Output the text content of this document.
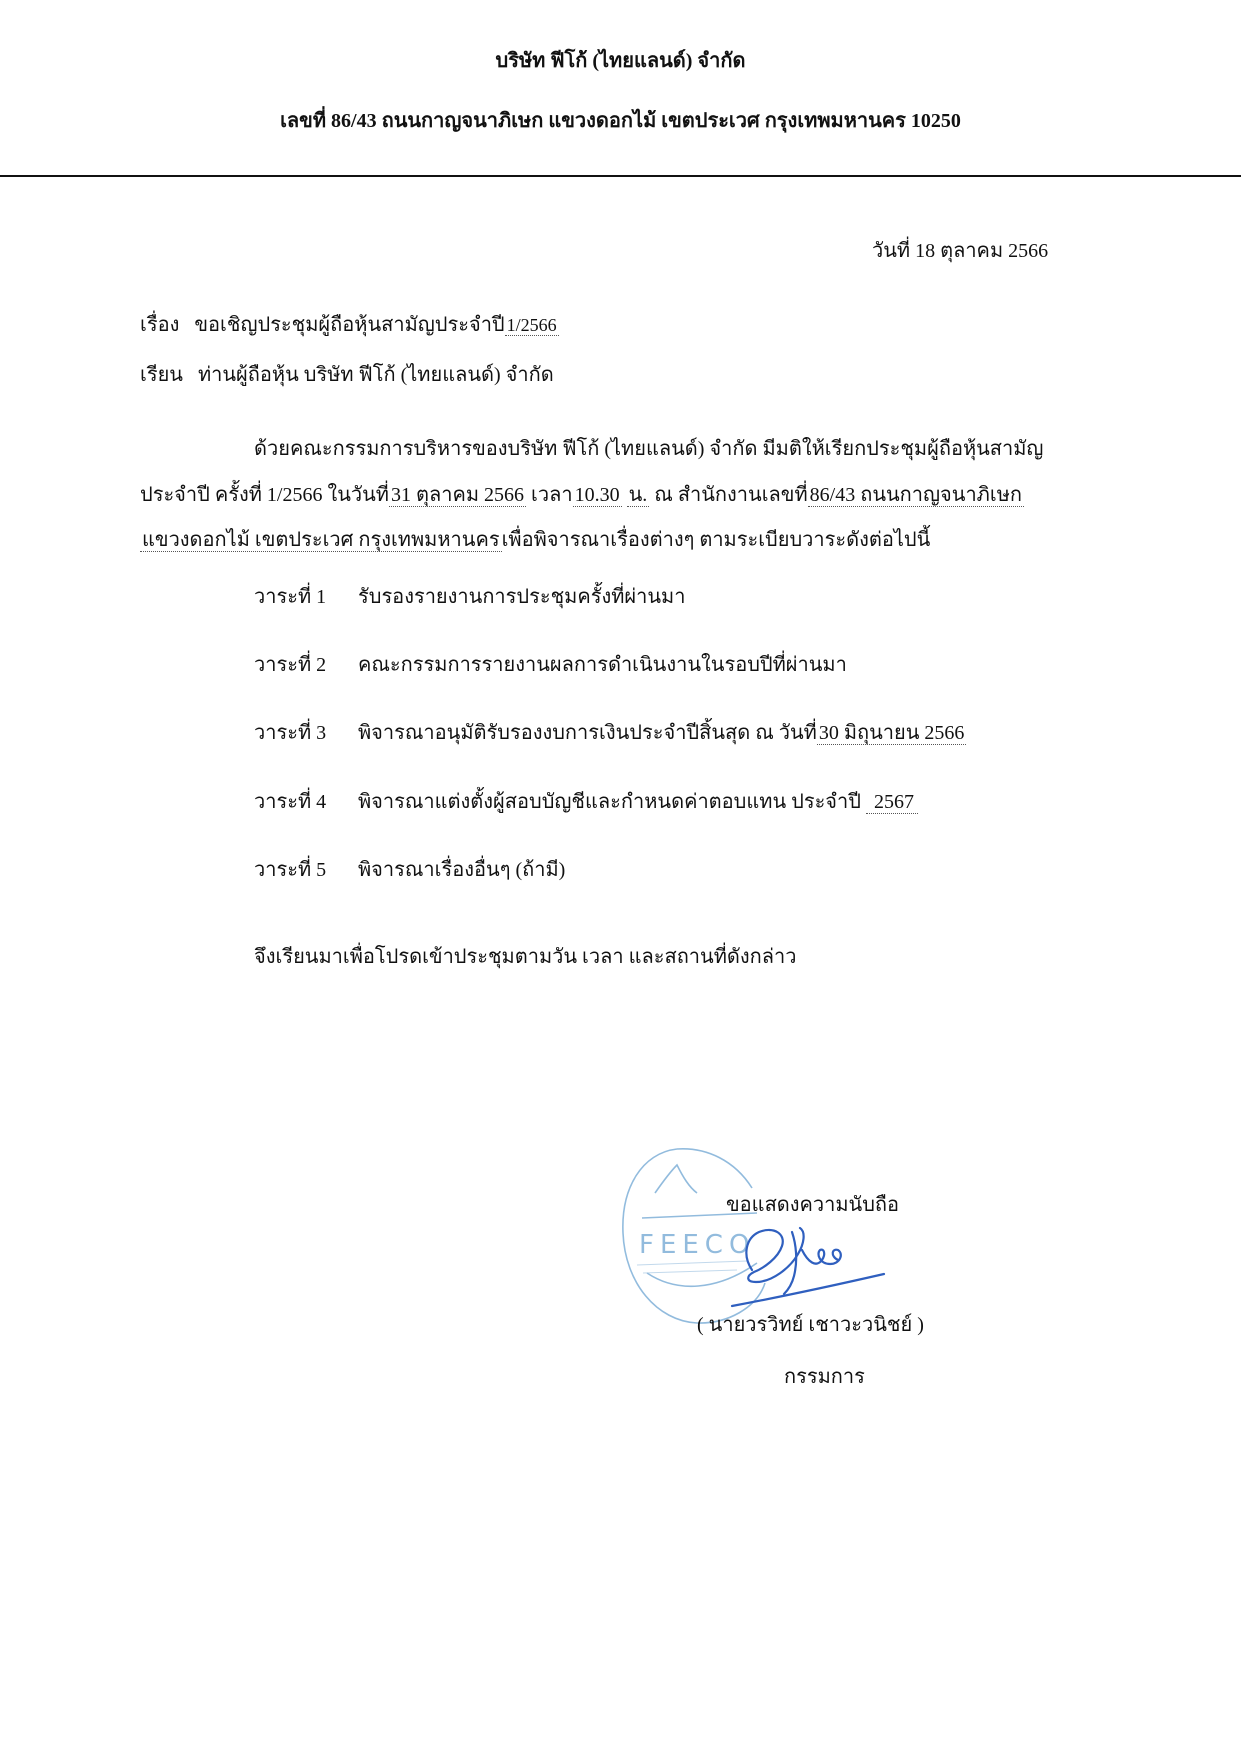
บริษัท ฟีโก้ (ไทยแลนด์) จำกัด
เลขที่ 86/43 ถนนกาญจนาภิเษก แขวงดอกไม้ เขตประเวศ กรุงเทพมหานคร 10250
วันที่ 18 ตุลาคม 2566
เรื่อง ขอเชิญประชุมผู้ถือหุ้นสามัญประจำปี 1/2566
เรียน ท่านผู้ถือหุ้น บริษัท ฟีโก้ (ไทยแลนด์) จำกัด
ด้วยคณะกรรมการบริหารของบริษัท ฟีโก้ (ไทยแลนด์) จำกัด มีมติให้เรียกประชุมผู้ถือหุ้นสามัญ
ประจำปี ครั้งที่ 1/2566 ในวันที่ 31 ตุลาคม 2566 เวลา 10.30 น. ณ สำนักงานเลขที่ 86/43 ถนนกาญจนาภิเษก
แขวงดอกไม้ เขตประเวศ กรุงเทพมหานคร เพื่อพิจารณาเรื่องต่างๆ ตามระเบียบวาระดังต่อไปนี้
วาระที่ 1 รับรองรายงานการประชุมครั้งที่ผ่านมา
วาระที่ 2 คณะกรรมการรายงานผลการดำเนินงานในรอบปีที่ผ่านมา
วาระที่ 3 พิจารณาอนุมัติรับรองงบการเงินประจำปีสิ้นสุด ณ วันที่ 30 มิถุนายน 2566
วาระที่ 4 พิจารณาแต่งตั้งผู้สอบบัญชีและกำหนดค่าตอบแทน ประจำปี 2567
วาระที่ 5 พิจารณาเรื่องอื่นๆ (ถ้ามี)
จึงเรียนมาเพื่อโปรดเข้าประชุมตามวัน เวลา และสถานที่ดังกล่าว
FEECO
ขอแสดงความนับถือ
( นายวรวิทย์ เชาวะวนิชย์ )
กรรมการ
